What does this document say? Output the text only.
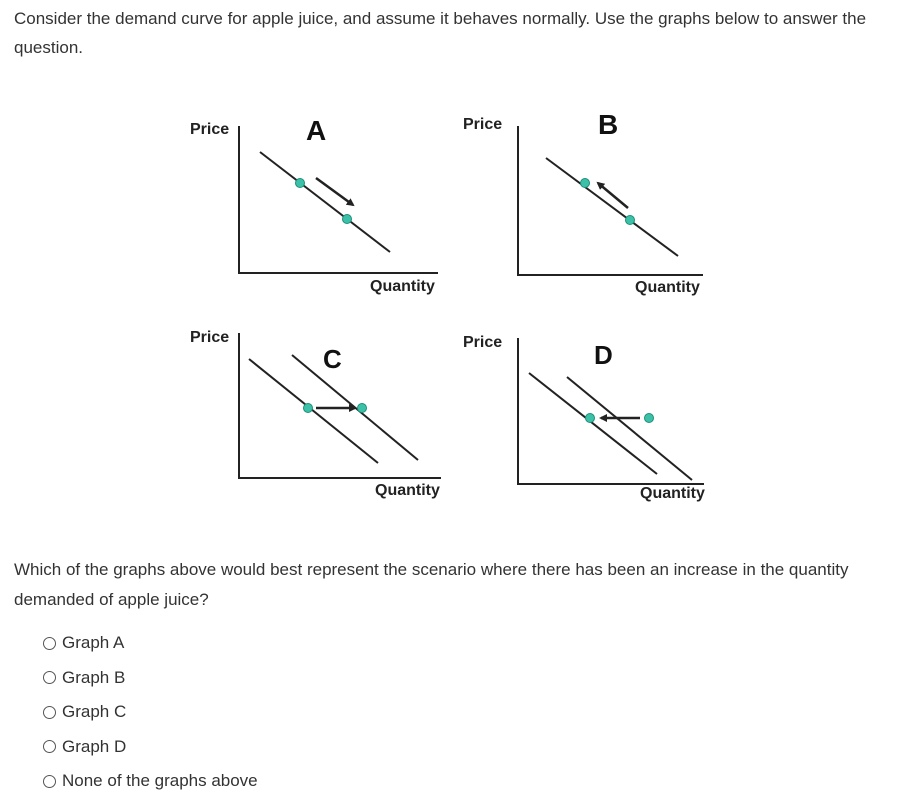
Consider the demand curve for apple juice, and assume it behaves normally. Use the graphs below to answer the question.

Price	A
Quantity
Price	B
Quantity
Price
C
Quantity
Price	D
Quantity

Which of the graphs above would best represent the scenario where there has been an increase in the quantity demanded of apple juice?

Graph A
Graph B
Graph C
Graph D
None of the graphs above
